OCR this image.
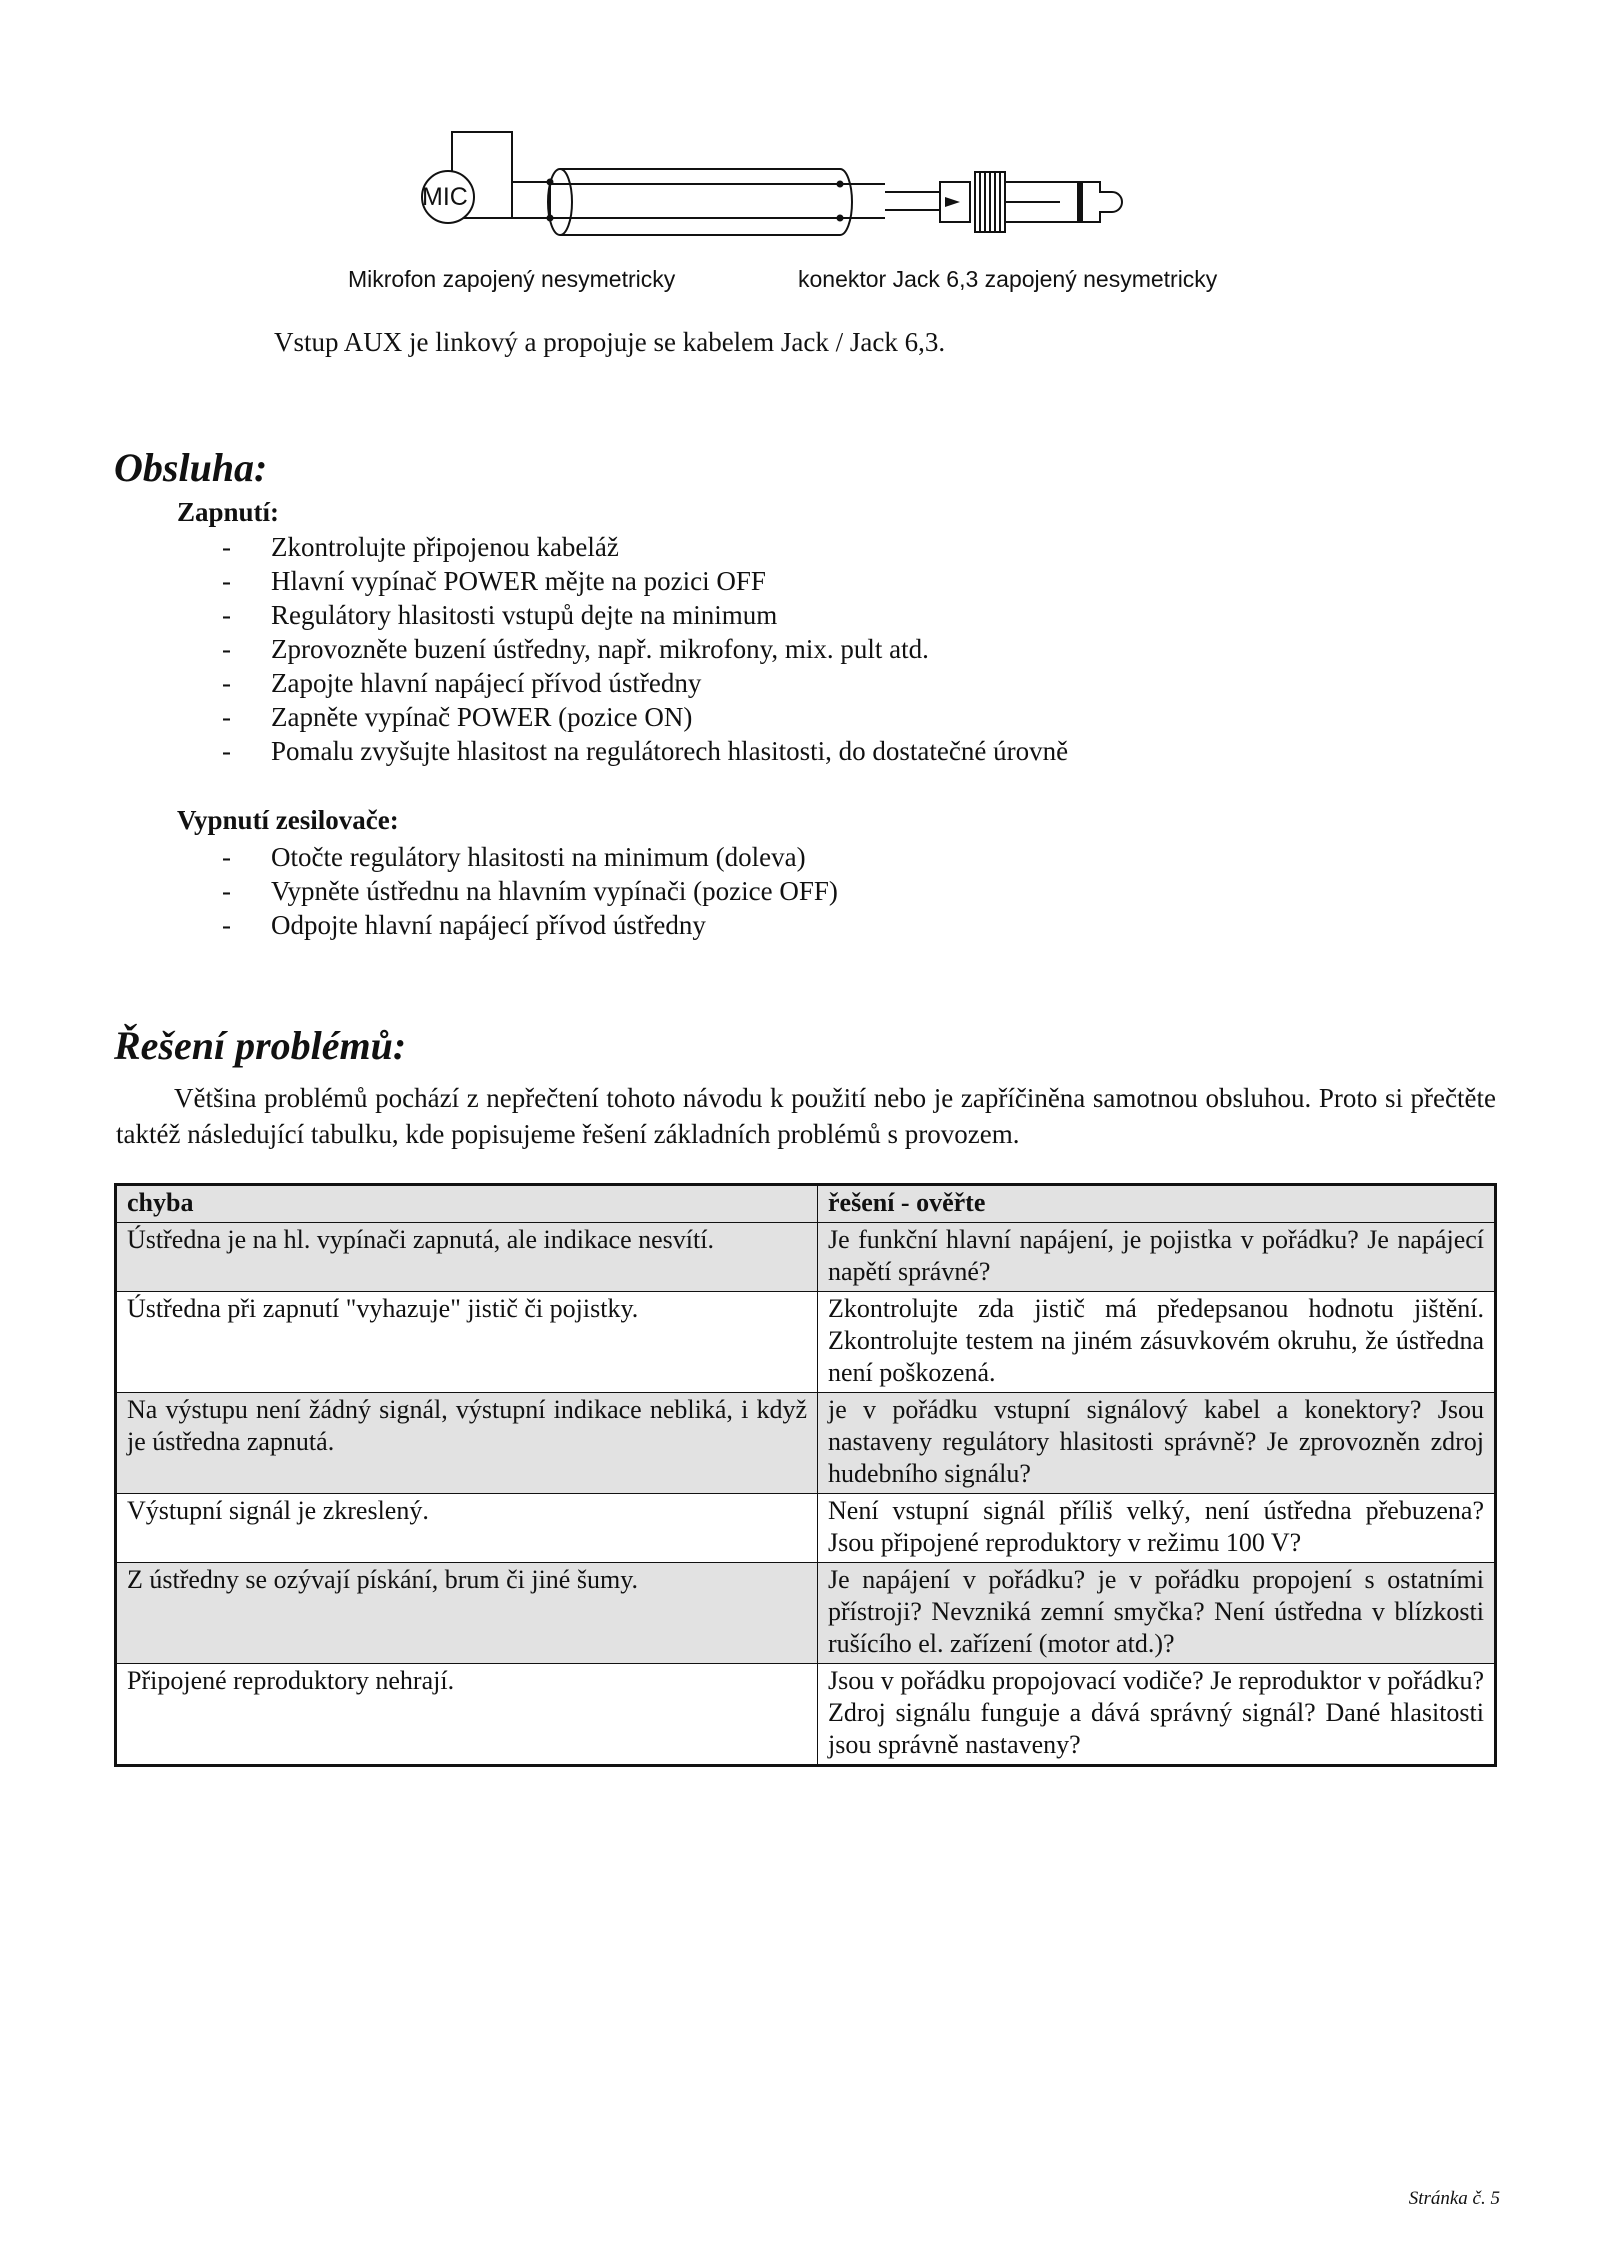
MIC
Mikrofon zapojený nesymetricky	konektor Jack 6,3 zapojený nesymetricky
Vstup AUX je linkový a propojuje se kabelem Jack / Jack 6,3.
Obsluha:
Zapnutí:
- Zkontrolujte připojenou kabeláž
- Hlavní vypínač POWER mějte na pozici OFF
- Regulátory hlasitosti vstupů dejte na minimum
- Zprovozněte buzení ústředny, např. mikrofony, mix. pult atd.
- Zapojte hlavní napájecí přívod ústředny
- Zapněte vypínač POWER (pozice ON)
- Pomalu zvyšujte hlasitost na regulátorech hlasitosti, do dostatečné úrovně
Vypnutí zesilovače:
- Otočte regulátory hlasitosti na minimum (doleva)
- Vypněte ústřednu na hlavním vypínači (pozice OFF)
- Odpojte hlavní napájecí přívod ústředny
Řešení problémů:
Většina problémů pochází z nepřečtení tohoto návodu k použití nebo je zapříčiněna samotnou obsluhou. Proto si přečtěte taktéž následující tabulku, kde popisujeme řešení základních problémů s provozem.
chyba	řešení - ověřte
Ústředna je na hl. vypínači zapnutá, ale indikace nesvítí.	Je funkční hlavní napájení, je pojistka v pořádku? Je napájecí napětí správné?
Ústředna při zapnutí "vyhazuje" jistič či pojistky.	Zkontrolujte zda jistič má předepsanou hodnotu jištění. Zkontrolujte testem na jiném zásuvkovém okruhu, že ústředna není poškozená.
Na výstupu není žádný signál, výstupní indikace nebliká, i když je ústředna zapnutá.	je v pořádku vstupní signálový kabel a konektory? Jsou nastaveny regulátory hlasitosti správně? Je zprovozněn zdroj hudebního signálu?
Výstupní signál je zkreslený.	Není vstupní signál příliš velký, není ústředna přebuzena? Jsou připojené reproduktory v režimu 100 V?
Z ústředny se ozývají pískání, brum či jiné šumy.	Je napájení v pořádku? je v pořádku propojení s ostatními přístroji? Nevzniká zemní smyčka? Není ústředna v blízkosti rušícího el. zařízení (motor atd.)?
Připojené reproduktory nehrají.	Jsou v pořádku propojovací vodiče? Je reproduktor v pořádku? Zdroj signálu funguje a dává správný signál? Dané hlasitosti jsou správně nastaveny?
Stránka č. 5
